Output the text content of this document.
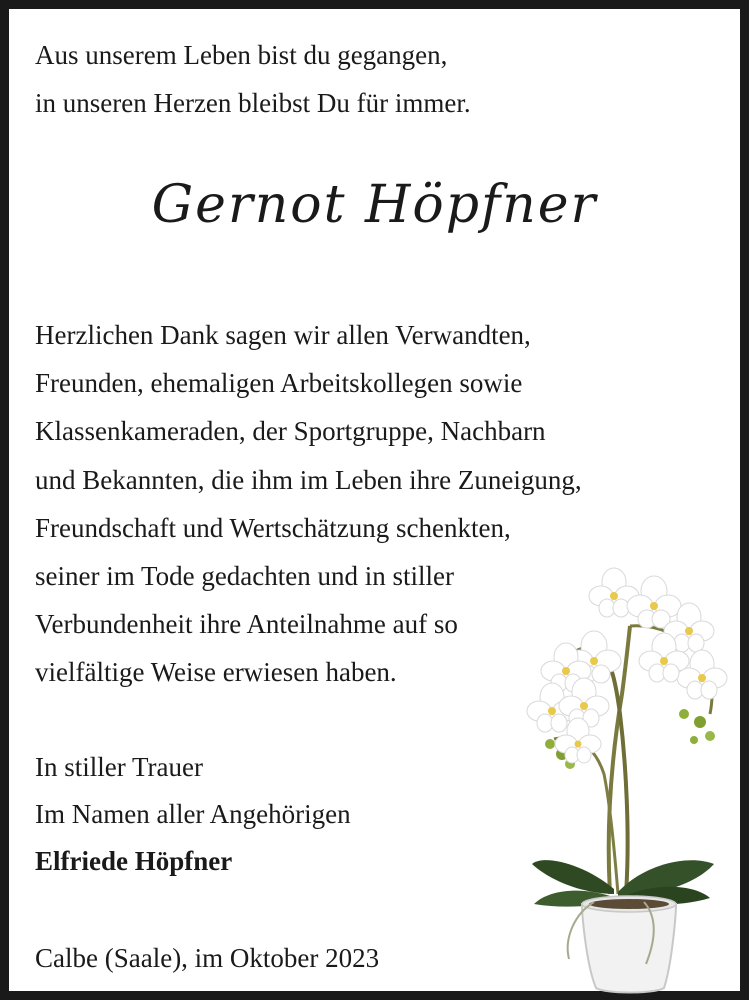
Aus unserem Leben bist du gegangen,
in unseren Herzen bleibst Du für immer.
Gernot Höpfner
Herzlichen Dank sagen wir allen Verwandten,
Freunden, ehemaligen Arbeitskollegen sowie
Klassenkameraden, der Sportgruppe, Nachbarn
und Bekannten, die ihm im Leben ihre Zuneigung,
Freundschaft und Wertschätzung schenkten,
seiner im Tode gedachten und in stiller
Verbundenheit ihre Anteilnahme auf so
vielfältige Weise erwiesen haben.
In stiller Trauer
Im Namen aller Angehörigen
Elfriede Höpfner
Calbe (Saale), im Oktober 2023
